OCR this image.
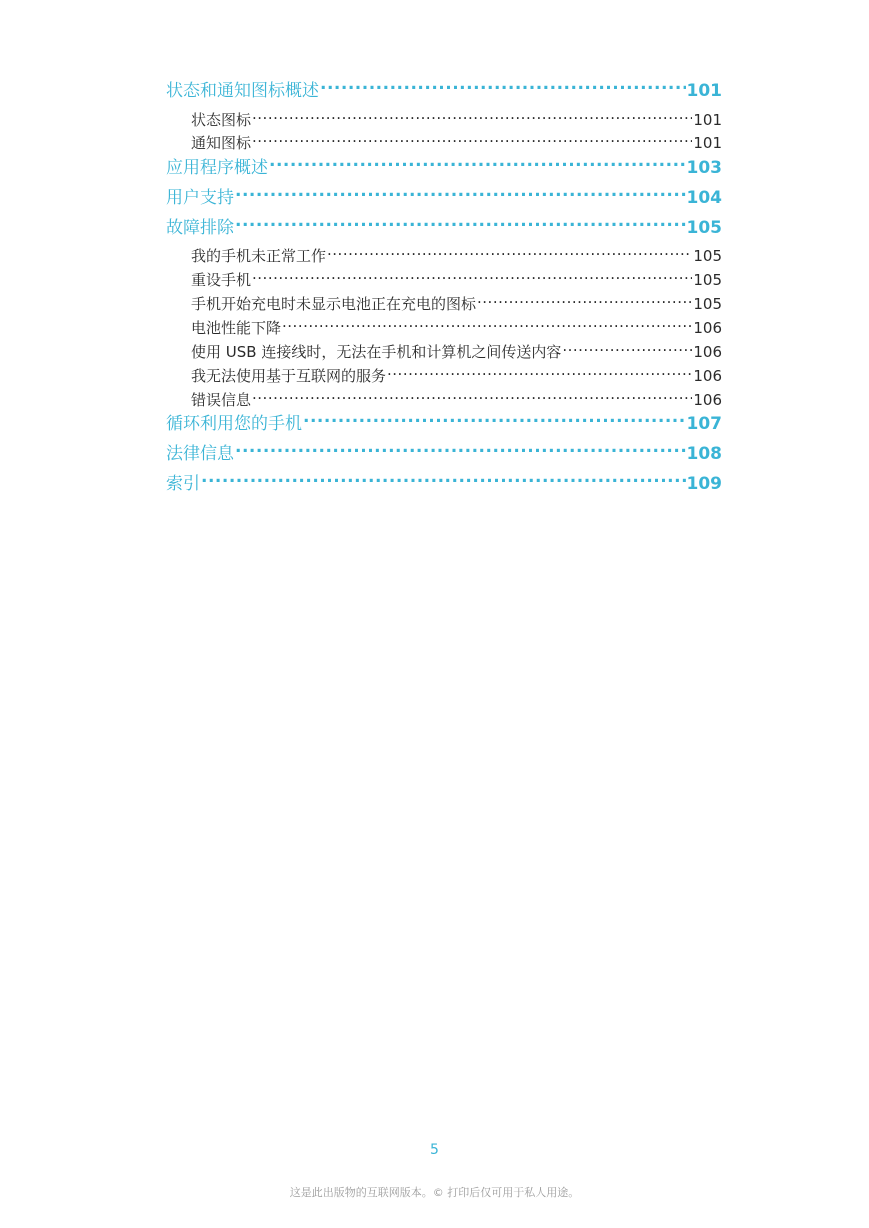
状态和通知图标概述 .....	101
状态图标 .....	101
通知图标 .....	101
应用程序概述 .....	103
用户支持 .....	104
故障排除 .....	105
我的手机未正常工作 .....	105
重设手机 .....	105
手机开始充电时未显示电池正在充电的图标 .....	105
电池性能下降 .....	106
使用 USB 连接线时，无法在手机和计算机之间传送内容 .....	106
我无法使用基于互联网的服务 .....	106
错误信息 .....	106
循环利用您的手机 .....	107
法律信息 .....	108
索引 .....	109
5
这是此出版物的互联网版本。© 打印后仅可用于私人用途。
